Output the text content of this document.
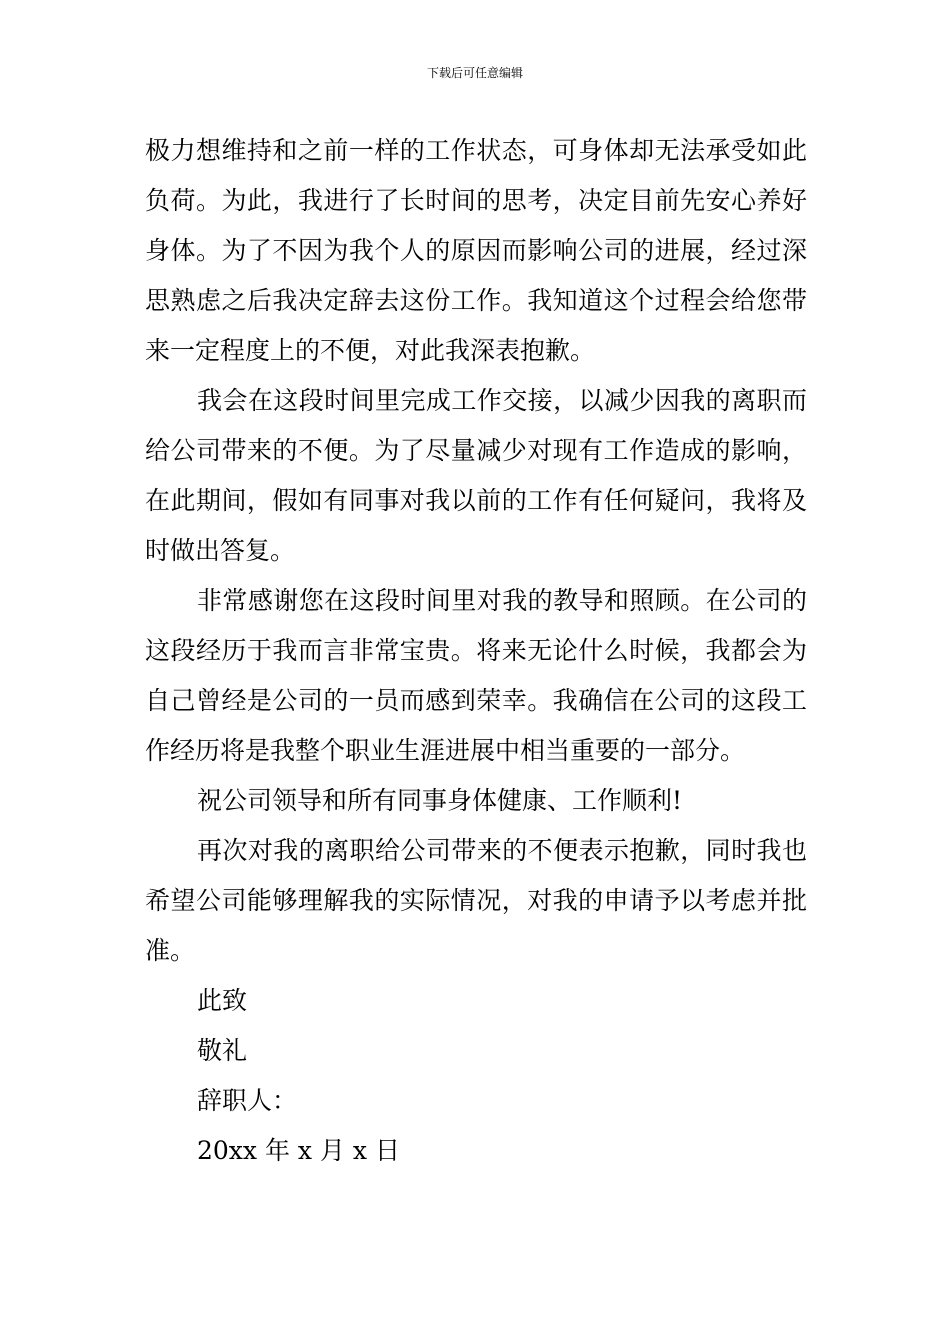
下载后可任意编辑

极力想维持和之前一样的工作状态，可身体却无法承受如此负荷。为此，我进行了长时间的思考，决定目前先安心养好身体。为了不因为我个人的原因而影响公司的进展，经过深思熟虑之后我决定辞去这份工作。我知道这个过程会给您带来一定程度上的不便，对此我深表抱歉。

我会在这段时间里完成工作交接，以减少因我的离职而给公司带来的不便。为了尽量减少对现有工作造成的影响，在此期间，假如有同事对我以前的工作有任何疑问，我将及时做出答复。

非常感谢您在这段时间里对我的教导和照顾。在公司的这段经历于我而言非常宝贵。将来无论什么时候，我都会为自己曾经是公司的一员而感到荣幸。我确信在公司的这段工作经历将是我整个职业生涯进展中相当重要的一部分。

祝公司领导和所有同事身体健康、工作顺利!

再次对我的离职给公司带来的不便表示抱歉，同时我也希望公司能够理解我的实际情况，对我的申请予以考虑并批准。

此致

敬礼

辞职人：

20xx 年 x 月 x 日
